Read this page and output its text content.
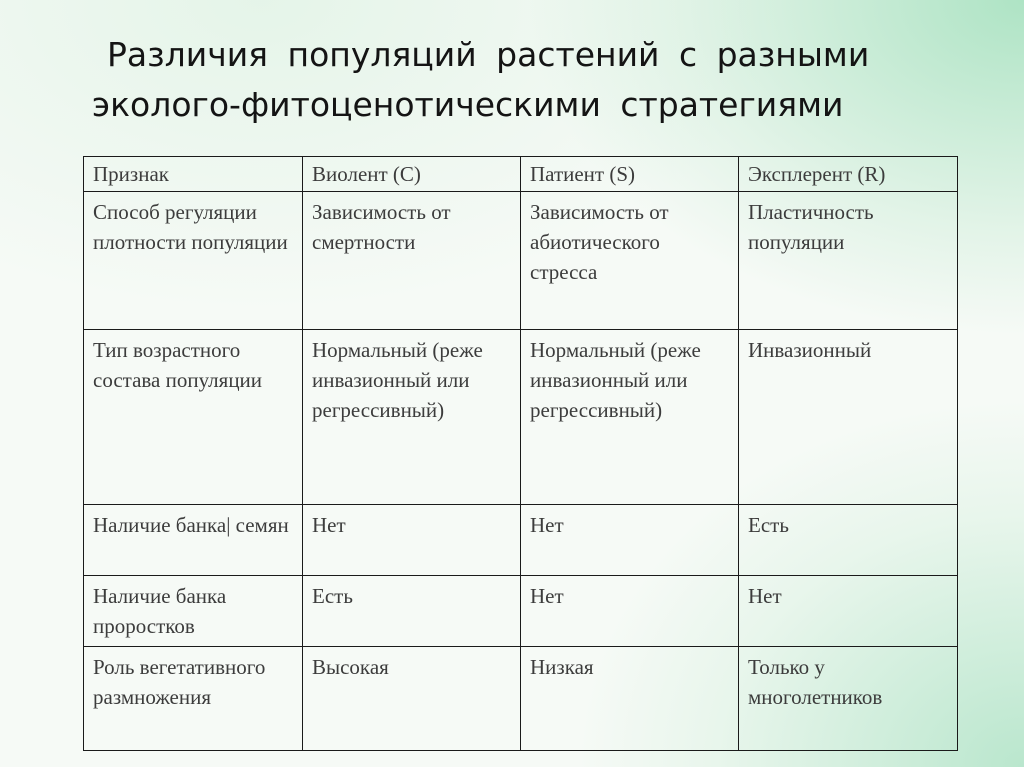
Различия популяций растений с разными
эколого-фитоценотическими стратегиями
Признак	Виолент (C)	Патиент (S)	Эксплерент (R)
Способ регуляции плотности популяции	Зависимость от смертности	Зависимость от абиотического стресса	Пластичность популяции
Тип возрастного состава популяции	Нормальный (реже инвазионный или регрессивный)	Нормальный (реже инвазионный или регрессивный)	Инвазионный
Наличие банка| семян	Нет	Нет	Есть
Наличие банка проростков	Есть	Нет	Нет
Роль вегетативного размножения	Высокая	Низкая	Только у многолетников
